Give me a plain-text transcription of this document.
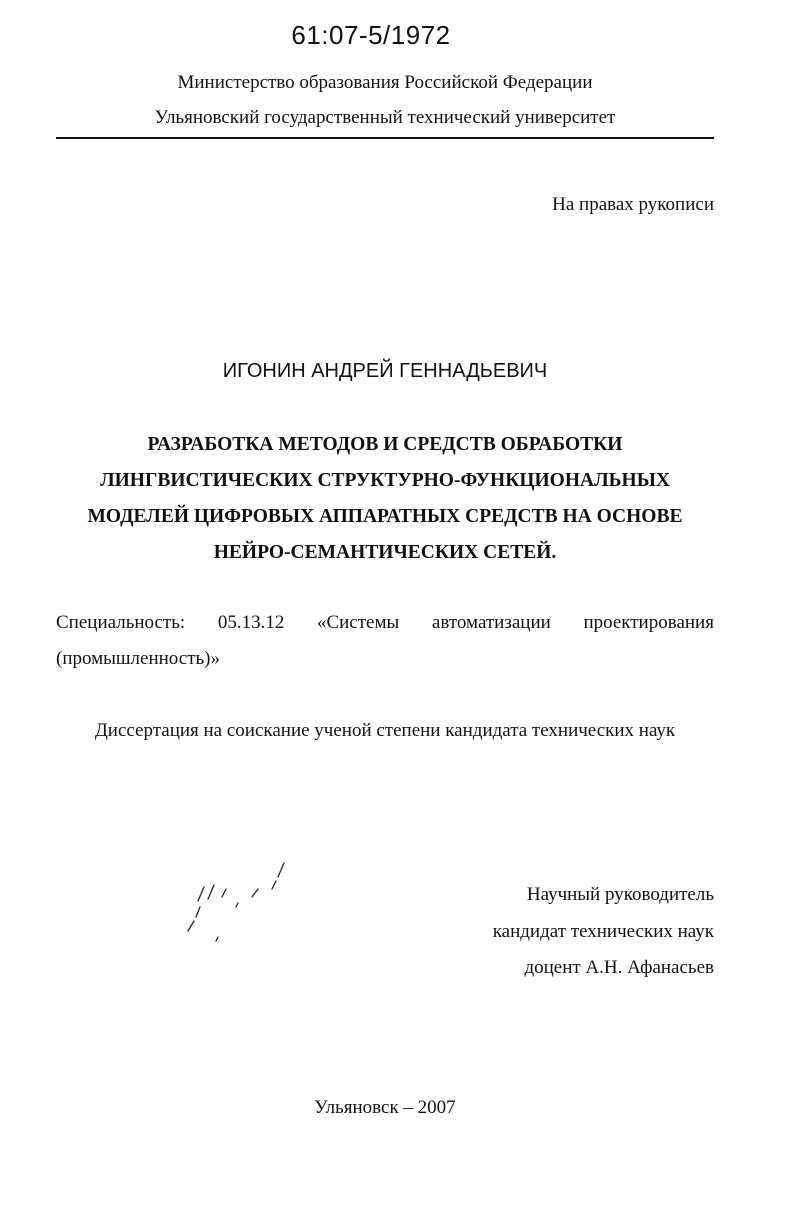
61:07-5/1972
Министерство образования Российской Федерации
Ульяновский государственный технический университет
На правах рукописи
ИГОНИН АНДРЕЙ ГЕННАДЬЕВИЧ
РАЗРАБОТКА МЕТОДОВ И СРЕДСТВ ОБРАБОТКИ
ЛИНГВИСТИЧЕСКИХ СТРУКТУРНО-ФУНКЦИОНАЛЬНЫХ
МОДЕЛЕЙ ЦИФРОВЫХ АППАРАТНЫХ СРЕДСТВ НА ОСНОВЕ
НЕЙРО-СЕМАНТИЧЕСКИХ СЕТЕЙ.
Специальность: 05.13.12 «Системы автоматизации проектирования
(промышленность)»
Диссертация на соискание ученой степени кандидата технических наук
Научный руководитель
кандидат технических наук
доцент А.Н. Афанасьев
Ульяновск – 2007
